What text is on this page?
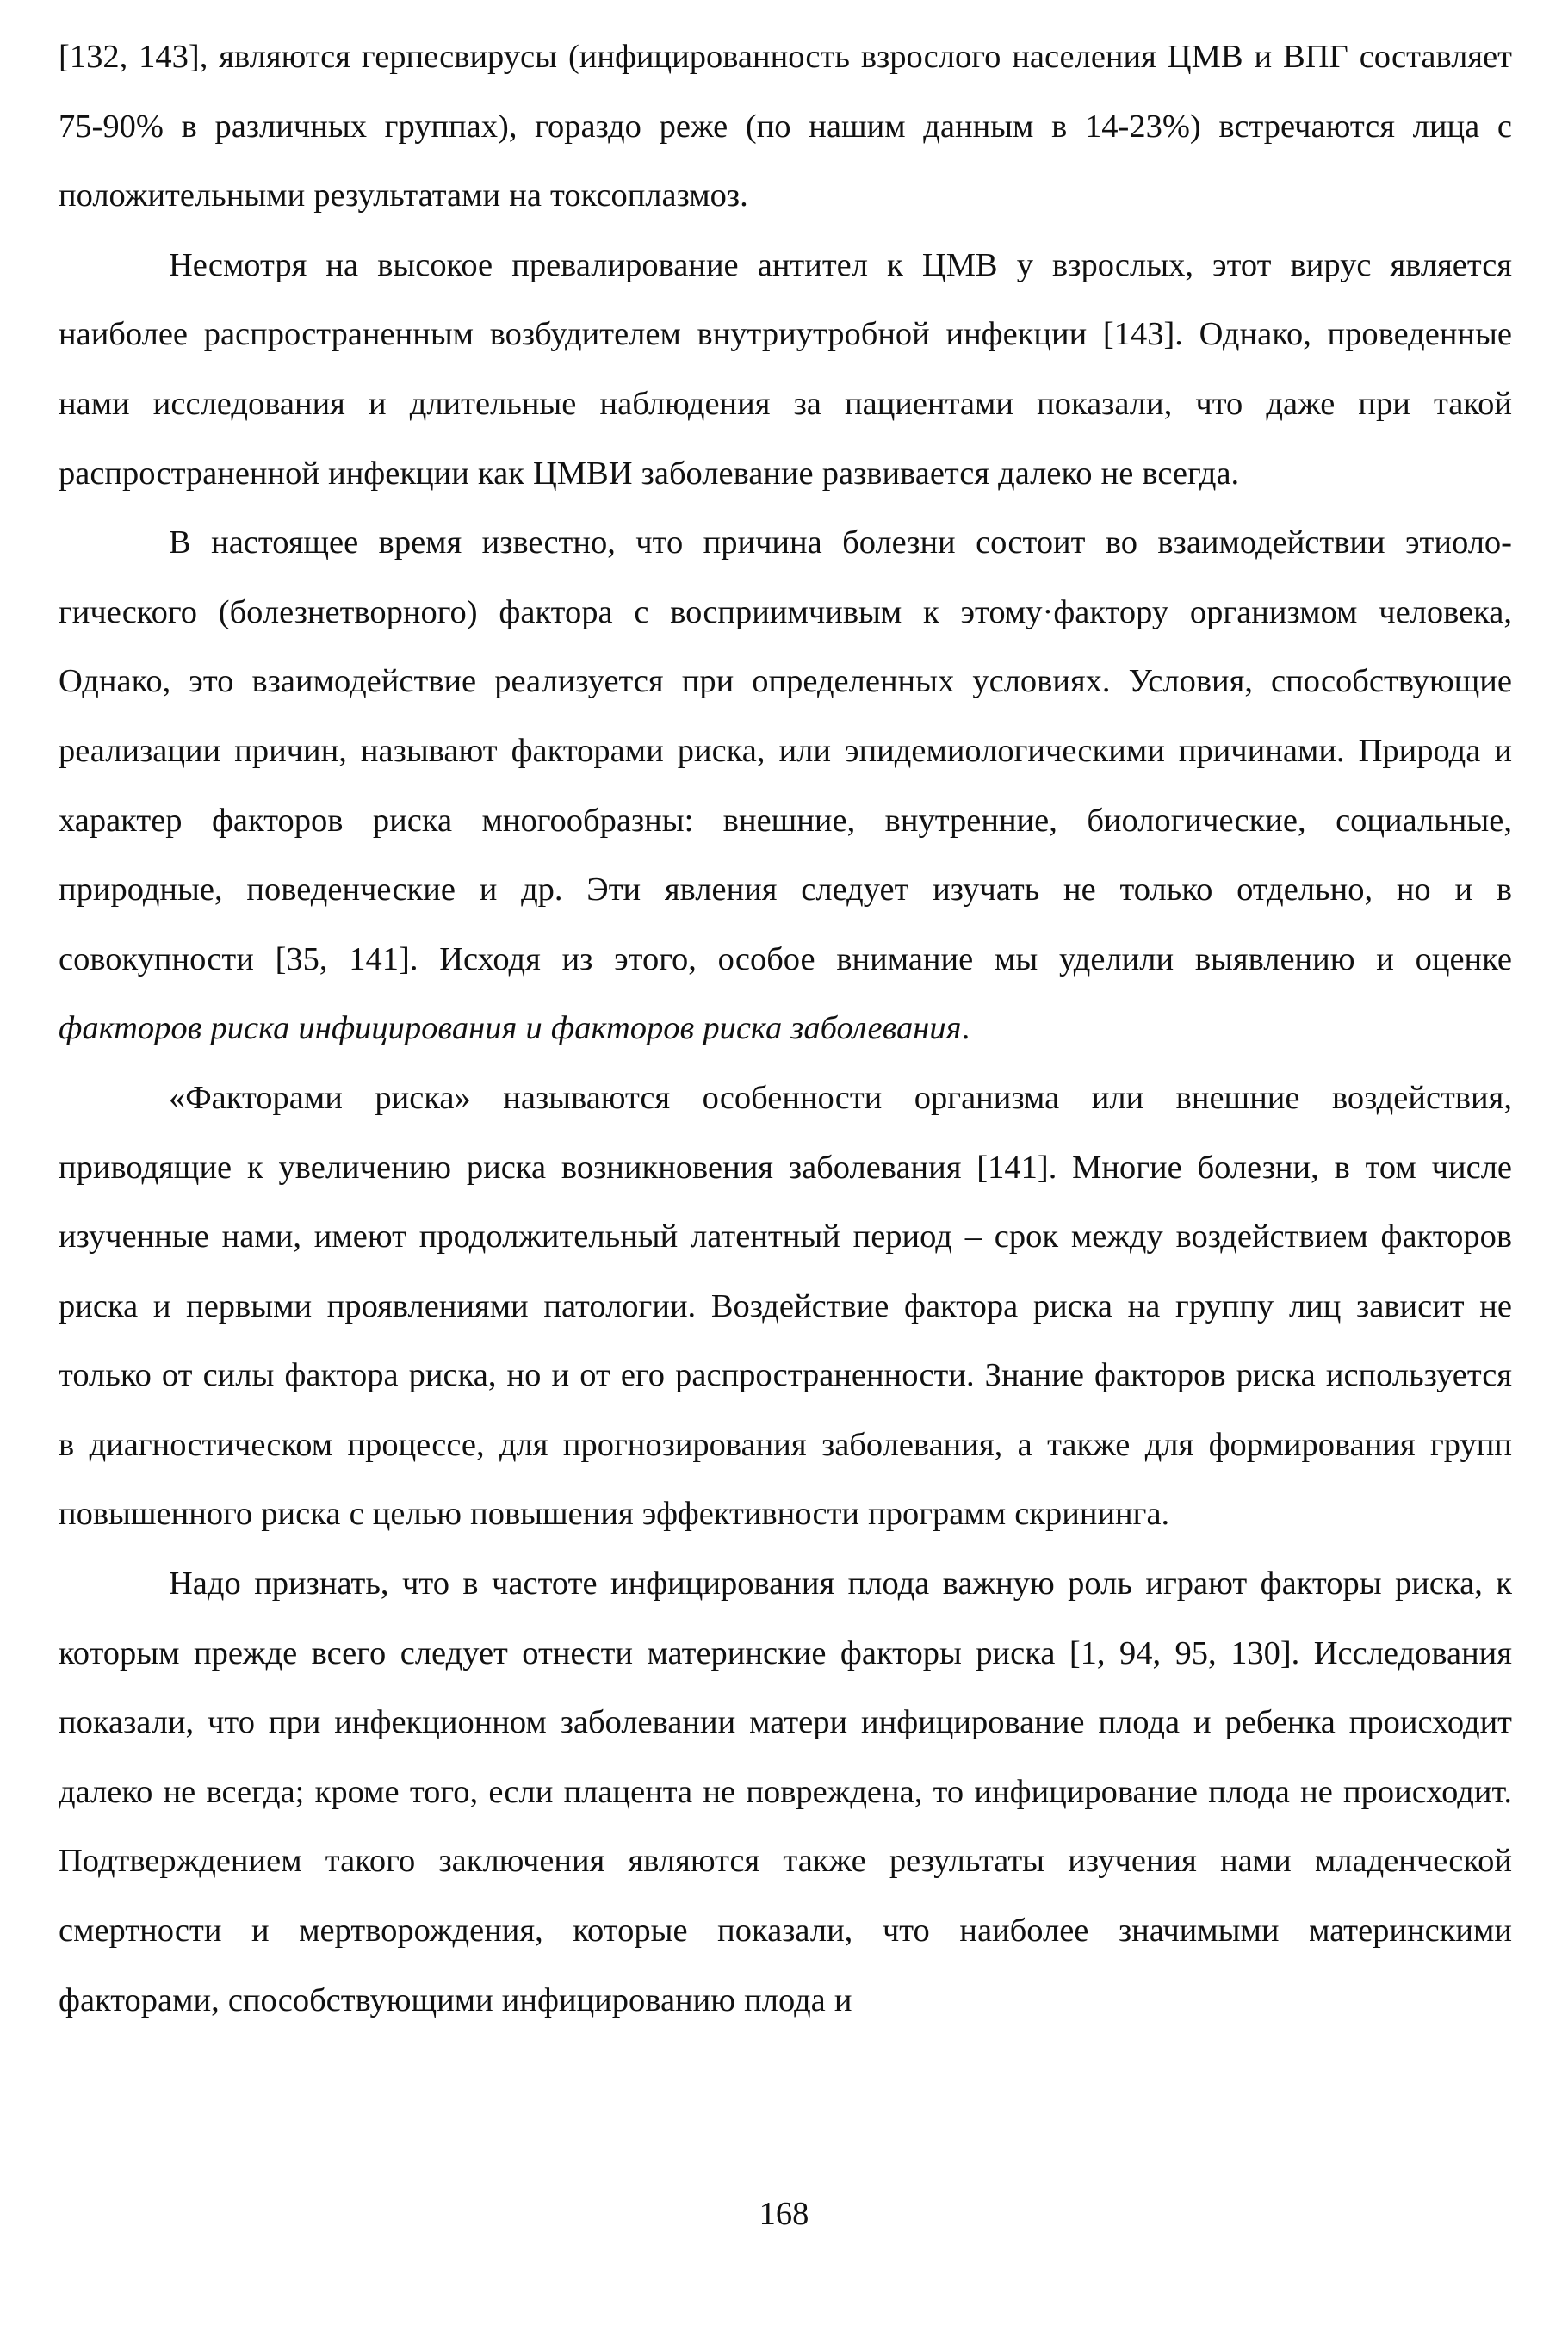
[132, 143], являются герпесвирусы (инфицированность взрослого населения ЦМВ и ВПГ составляет 75-90% в различных группах), гораздо реже (по нашим данным в 14-23%) встречаются лица с положительными результатами на токсоплазмоз.

Несмотря на высокое превалирование антител к ЦМВ у взрослых, этот вирус является наиболее распространенным возбудителем внутриутробной инфекции [143]. Однако, проведенные нами исследования и длительные наблюдения за пациентами показали, что даже при такой распространенной инфекции как ЦМВИ заболевание развивается далеко не всегда.

В настоящее время известно, что причина болезни состоит во взаимодействии этиологического (болезнетворного) фактора с восприимчивым к этому·фактору организмом человека, Однако, это взаимодействие реализуется при определенных условиях. Условия, способствующие реализации причин, называют факторами риска, или эпидемиологическими причинами. Природа и характер факторов риска многообразны: внешние, внутренние, биологические, социальные, природные, поведенческие и др. Эти явления следует изучать не только отдельно, но и в совокупности [35, 141]. Исходя из этого, особое внимание мы уделили выявлению и оценке факторов риска инфицирования и факторов риска заболевания.

«Факторами риска» называются особенности организма или внешние воздействия, приводящие к увеличению риска возникновения заболевания [141]. Многие болезни, в том числе изученные нами, имеют продолжительный латентный период – срок между воздействием факторов риска и первыми проявлениями патологии. Воздействие фактора риска на группу лиц зависит не только от силы фактора риска, но и от его распространенности. Знание факторов риска используется в диагностическом процессе, для прогнозирования заболевания, а также для формирования групп повышенного риска с целью повышения эффективности программ скрининга.

Надо признать, что в частоте инфицирования плода важную роль играют факторы риска, к которым прежде всего следует отнести материнские факторы риска [1, 94, 95, 130]. Исследования показали, что при инфекционном заболевании матери инфицирование плода и ребенка происходит далеко не всегда; кроме того, если плацента не повреждена, то инфицирование плода не происходит. Подтверждением такого заключения являются также результаты изучения нами младенческой смертности и мертворождения, которые показали, что наиболее значимыми материнскими факторами, способствующими инфицированию плода и

168
